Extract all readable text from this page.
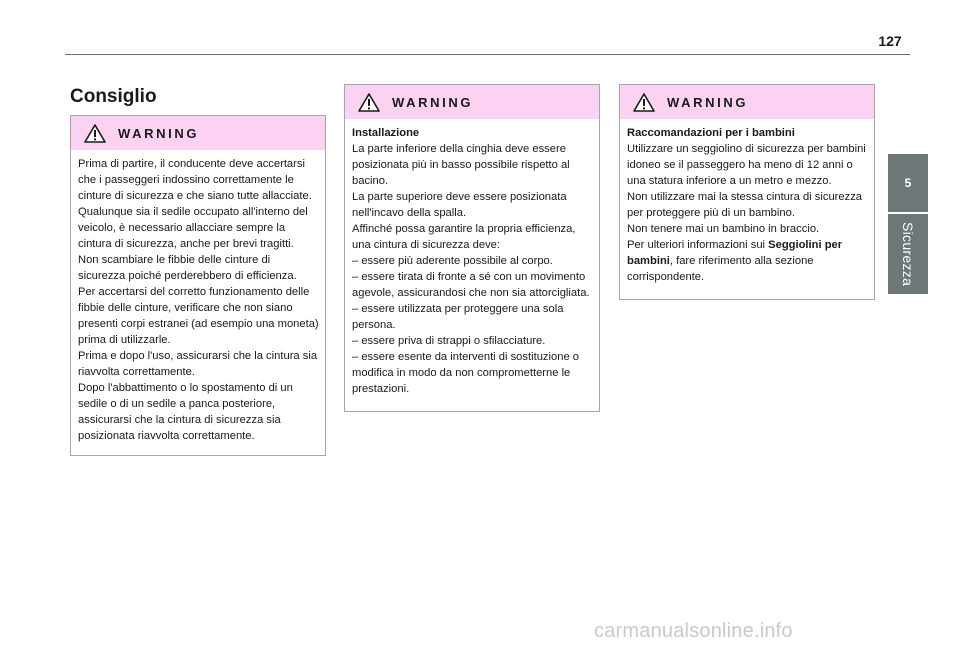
127
5
Sicurezza
Consiglio
WARNING

Prima di partire, il conducente deve accertarsi che i passeggeri indossino correttamente le cinture di sicurezza e che siano tutte allacciate.

Qualunque sia il sedile occupato all'interno del veicolo, è necessario allacciare sempre la cintura di sicurezza, anche per brevi tragitti.

Non scambiare le fibbie delle cinture di sicurezza poiché perderebbero di efficienza.

Per accertarsi del corretto funzionamento delle fibbie delle cinture, verificare che non siano presenti corpi estranei (ad esempio una moneta) prima di utilizzarle.

Prima e dopo l'uso, assicurarsi che la cintura sia riavvolta correttamente.

Dopo l'abbattimento o lo spostamento di un sedile o di un sedile a panca posteriore, assicurarsi che la cintura di sicurezza sia posizionata riavvolta correttamente.

WARNING

Installazione

La parte inferiore della cinghia deve essere posizionata più in basso possibile rispetto al bacino.

La parte superiore deve essere posizionata nell'incavo della spalla.

Affinché possa garantire la propria efficienza, una cintura di sicurezza deve:

– essere più aderente possibile al corpo.

– essere tirata di fronte a sé con un movimento agevole, assicurandosi che non sia attorcigliata.

– essere utilizzata per proteggere una sola persona.

– essere priva di strappi o sfilacciature.

– essere esente da interventi di sostituzione o modifica in modo da non comprometterne le prestazioni.

WARNING

Raccomandazioni per i bambini

Utilizzare un seggiolino di sicurezza per bambini idoneo se il passeggero ha meno di 12 anni o una statura inferiore a un metro e mezzo.

Non utilizzare mai la stessa cintura di sicurezza per proteggere più di un bambino.

Non tenere mai un bambino in braccio.

Per ulteriori informazioni sui Seggiolini per bambini, fare riferimento alla sezione corrispondente.

carmanualsonline.info
